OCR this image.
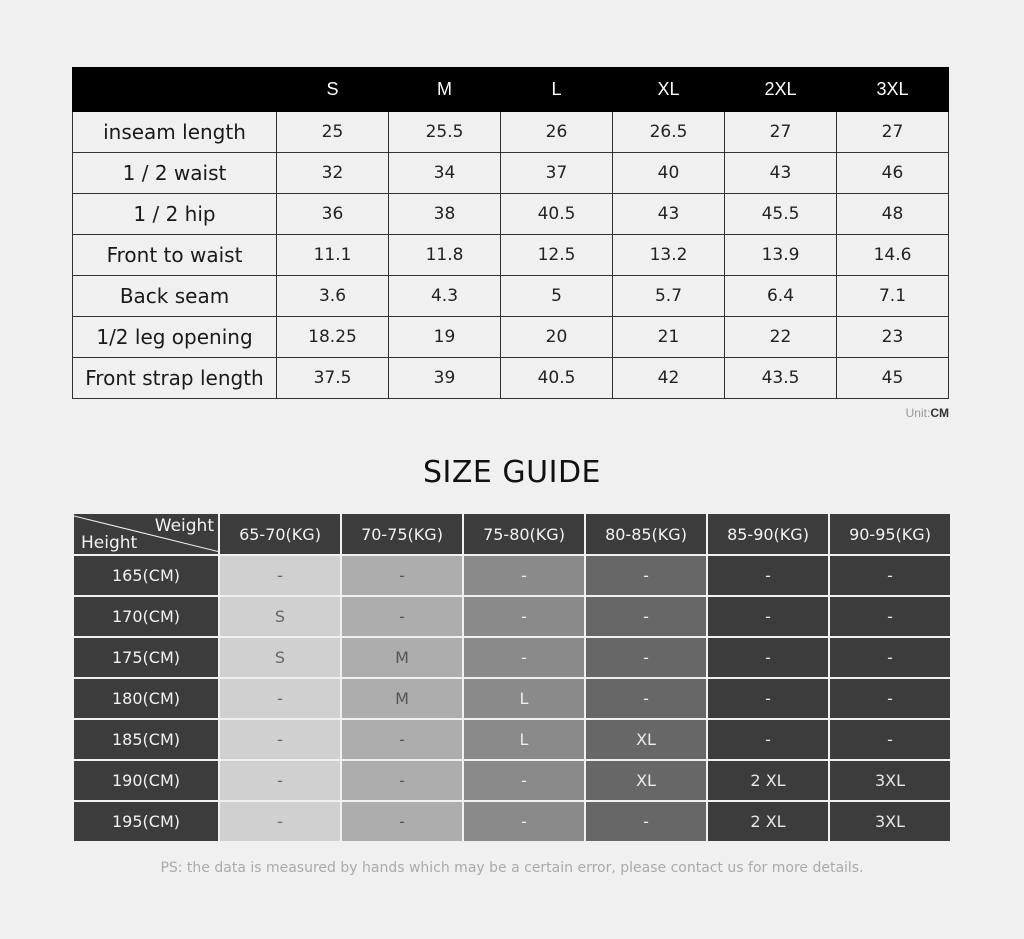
	S	M	L	XL	2XL	3XL
inseam length	25	25.5	26	26.5	27	27
1 / 2 waist	32	34	37	40	43	46
1 / 2 hip	36	38	40.5	43	45.5	48
Front to waist	11.1	11.8	12.5	13.2	13.9	14.6
Back seam	3.6	4.3	5	5.7	6.4	7.1
1/2 leg opening	18.25	19	20	21	22	23
Front strap length	37.5	39	40.5	42	43.5	45
Unit:CM
SIZE GUIDE
Weight
Height	65-70(KG)	70-75(KG)	75-80(KG)	80-85(KG)	85-90(KG)	90-95(KG)
165(CM)	-	-	-	-	-	-
170(CM)	S	-	-	-	-	-
175(CM)	S	M	-	-	-	-
180(CM)	-	M	L	-	-	-
185(CM)	-	-	L	XL	-	-
190(CM)	-	-	-	XL	2 XL	3XL
195(CM)	-	-	-	-	2 XL	3XL
PS: the data is measured by hands which may be a certain error, please contact us for more details.
